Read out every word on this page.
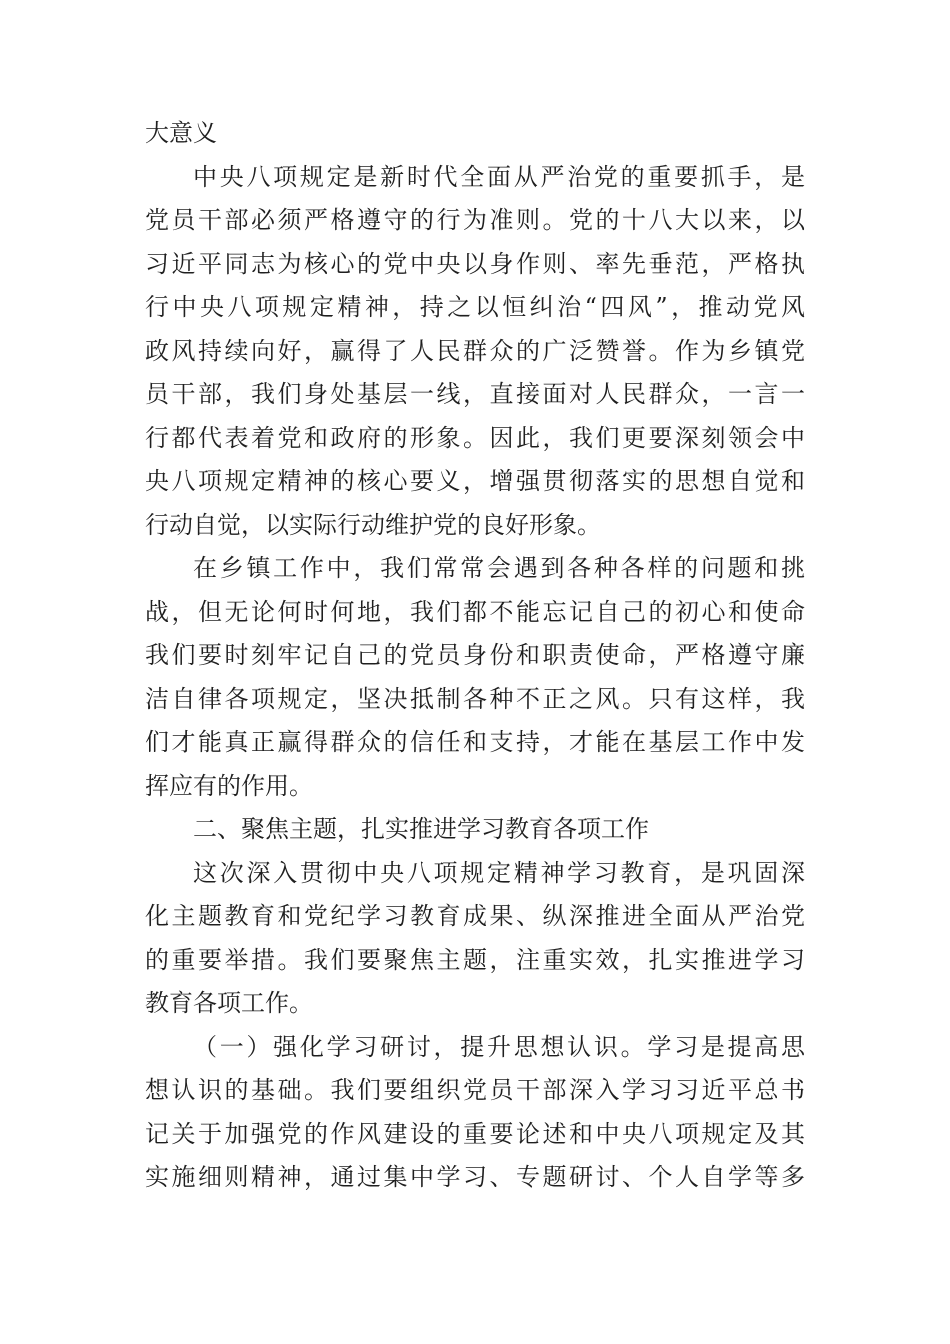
大意义
中央八项规定是新时代全面从严治党的重要抓手，是
党员干部必须严格遵守的行为准则。党的十八大以来，以
习近平同志为核心的党中央以身作则、率先垂范，严格执
行中央八项规定精神，持之以恒纠治“四风”，推动党风
政风持续向好，赢得了人民群众的广泛赞誉。作为乡镇党
员干部，我们身处基层一线，直接面对人民群众，一言一
行都代表着党和政府的形象。因此，我们更要深刻领会中
央八项规定精神的核心要义，增强贯彻落实的思想自觉和
行动自觉，以实际行动维护党的良好形象。
在乡镇工作中，我们常常会遇到各种各样的问题和挑
战，但无论何时何地，我们都不能忘记自己的初心和使命
我们要时刻牢记自己的党员身份和职责使命，严格遵守廉
洁自律各项规定，坚决抵制各种不正之风。只有这样，我
们才能真正赢得群众的信任和支持，才能在基层工作中发
挥应有的作用。
二、聚焦主题，扎实推进学习教育各项工作
这次深入贯彻中央八项规定精神学习教育，是巩固深
化主题教育和党纪学习教育成果、纵深推进全面从严治党
的重要举措。我们要聚焦主题，注重实效，扎实推进学习
教育各项工作。
（一）强化学习研讨，提升思想认识。学习是提高思
想认识的基础。我们要组织党员干部深入学习习近平总书
记关于加强党的作风建设的重要论述和中央八项规定及其
实施细则精神，通过集中学习、专题研讨、个人自学等多
